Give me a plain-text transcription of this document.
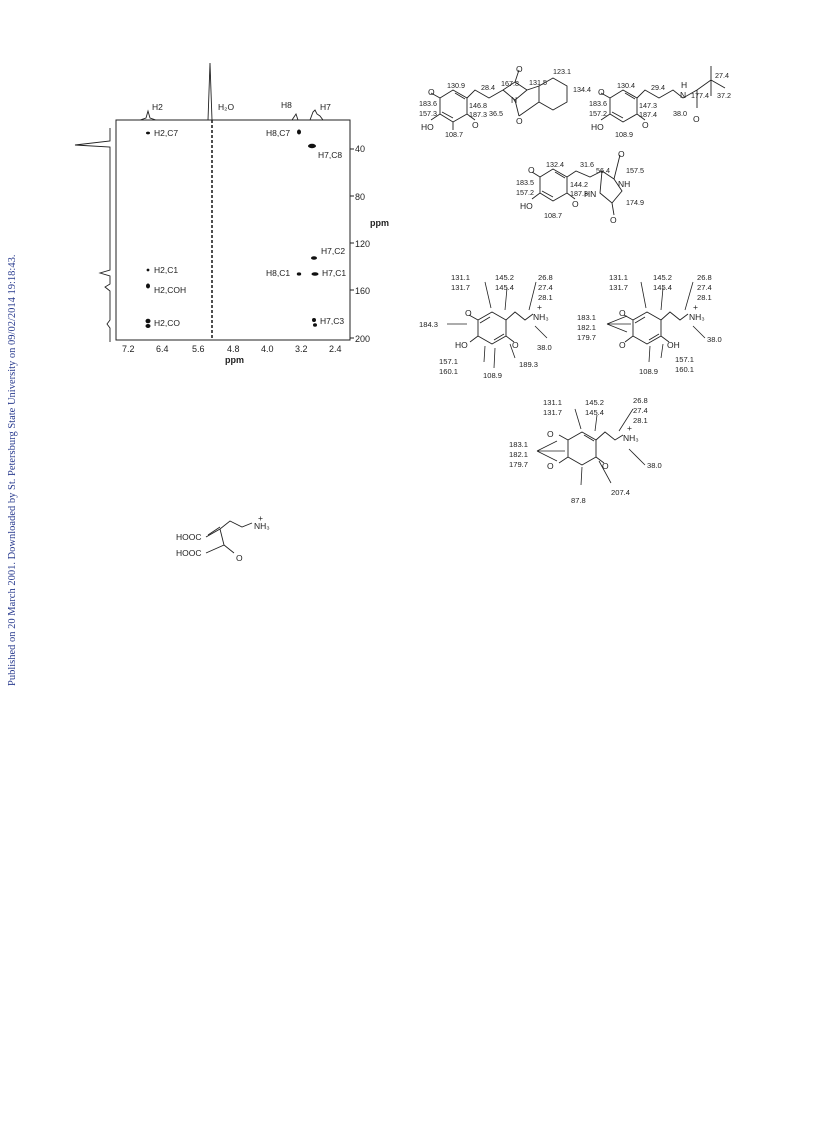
Published on 20 March 2001. Downloaded by St. Petersburg State University on 09/02/2014 19:18:43.
H2	H₂O	H8	H7
40
80
120
160
200
ppm
7.2 6.4	5.6 4.8 4.0 3.2 2.4
ppm
H2,C7
H2,C1
H2,COH
H2,CO
H8,C7
H7,C8
H7,C2
H8,C1	H7,C1
H7,C3
O
N
O
O
HO	O
130.9 28.4 167.8 131.5
123.1
134.4
183.6
157.3
146.8
187.3 36.5
108.7
O
H
N
HO	O
O
130.4 29.4
27.4
177.4 37.2
183.6
157.2
147.3
187.4 38.0
108.9
O
O
NH
HN
HO	O
O
132.4 31.6
56.4 157.5
183.5
157.2
144.2
187.3
174.9
108.7
O	NH₃
+
HO	O
131.1
131.7
145.2
145.4
26.8
27.4
28.1
184.3
38.0
157.1
160.1	108.9
189.3
O
O
NH₃
+
OH
131.1
131.7
145.2
145.4
26.8
27.4
28.1
183.1
182.1
179.7	38.0
108.9
157.1
160.1
O
O	O
NH₃
+
131.1
131.7
145.2
145.4
26.8
27.4
28.1
183.1
182.1
179.7	38.0
87.8
207.4
HOOC
HOOC
NH₃
+
O
